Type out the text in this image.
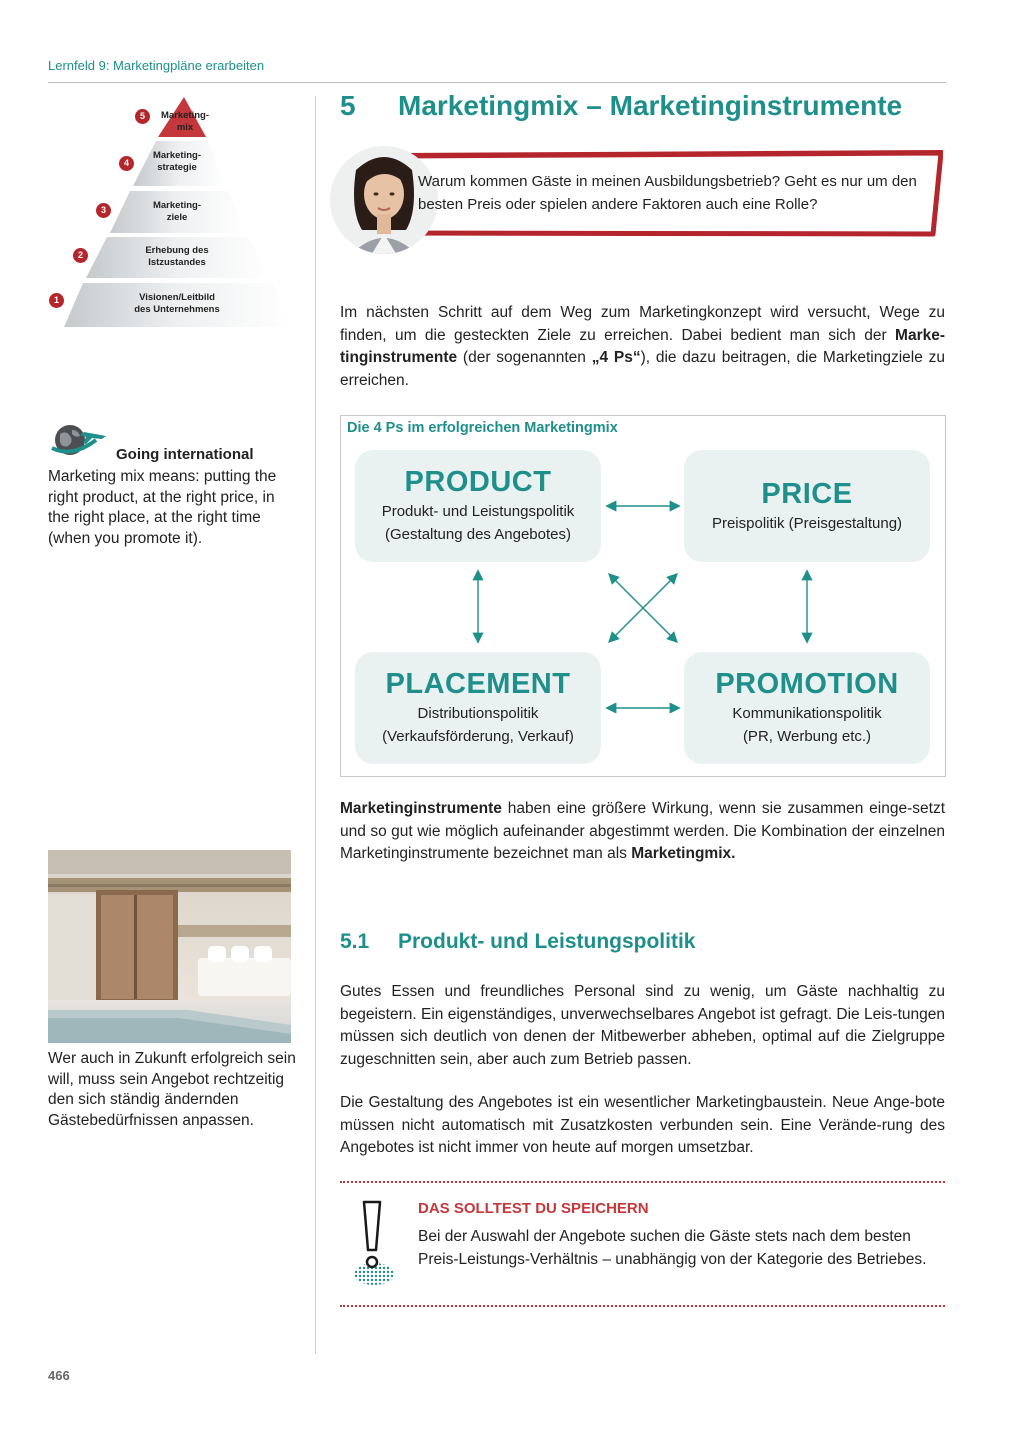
Lernfeld 9: Marketingpläne erarbeiten
5	Marketing-
mix
4
Marketing-
strategie
3	Marketing-
ziele
2	Erhebung des
Istzustandes
1	Visionen/Leitbild
des Unternehmens
Going international
Marketing mix means: putting the right product, at the right price, in the right place, at the right time (when you promote it).
Wer auch in Zukunft erfolgreich sein will, muss sein Angebot rechtzeitig den sich ständig ändernden Gästebedürfnissen anpassen.
5 Marketingmix – Marketinginstrumente
Warum kommen Gäste in meinen Ausbildungsbetrieb? Geht es nur um den besten Preis oder spielen andere Faktoren auch eine Rolle?
Im nächsten Schritt auf dem Weg zum Marketingkonzept wird versucht, Wege zu finden, um die gesteckten Ziele zu erreichen. Dabei bedient man sich der Marke-tinginstrumente (der sogenannten „4 Ps“), die dazu beitragen, die Marketingziele zu erreichen.
Die 4 Ps im erfolgreichen Marketingmix
PRODUCT
Produkt- und Leistungspolitik
(Gestaltung des Angebotes)
PRICE
Preispolitik (Preisgestaltung)
PLACEMENT
Distributionspolitik
(Verkaufsförderung, Verkauf)
PROMOTION
Kommunikationspolitik
(PR, Werbung etc.)
Marketinginstrumente haben eine größere Wirkung, wenn sie zusammen einge-setzt und so gut wie möglich aufeinander abgestimmt werden. Die Kombination der einzelnen Marketinginstrumente bezeichnet man als Marketingmix.
5.1 Produkt- und Leistungspolitik
Gutes Essen und freundliches Personal sind zu wenig, um Gäste nachhaltig zu begeistern. Ein eigenständiges, unverwechselbares Angebot ist gefragt. Die Leis-tungen müssen sich deutlich von denen der Mitbewerber abheben, optimal auf die Zielgruppe zugeschnitten sein, aber auch zum Betrieb passen.
Die Gestaltung des Angebotes ist ein wesentlicher Marketingbaustein. Neue Ange-bote müssen nicht automatisch mit Zusatzkosten verbunden sein. Eine Verände-rung des Angebotes ist nicht immer von heute auf morgen umsetzbar.
DAS SOLLTEST DU SPEICHERN
Bei der Auswahl der Angebote suchen die Gäste stets nach dem besten Preis-Leistungs-Verhältnis – unabhängig von der Kategorie des Betriebes.
466
